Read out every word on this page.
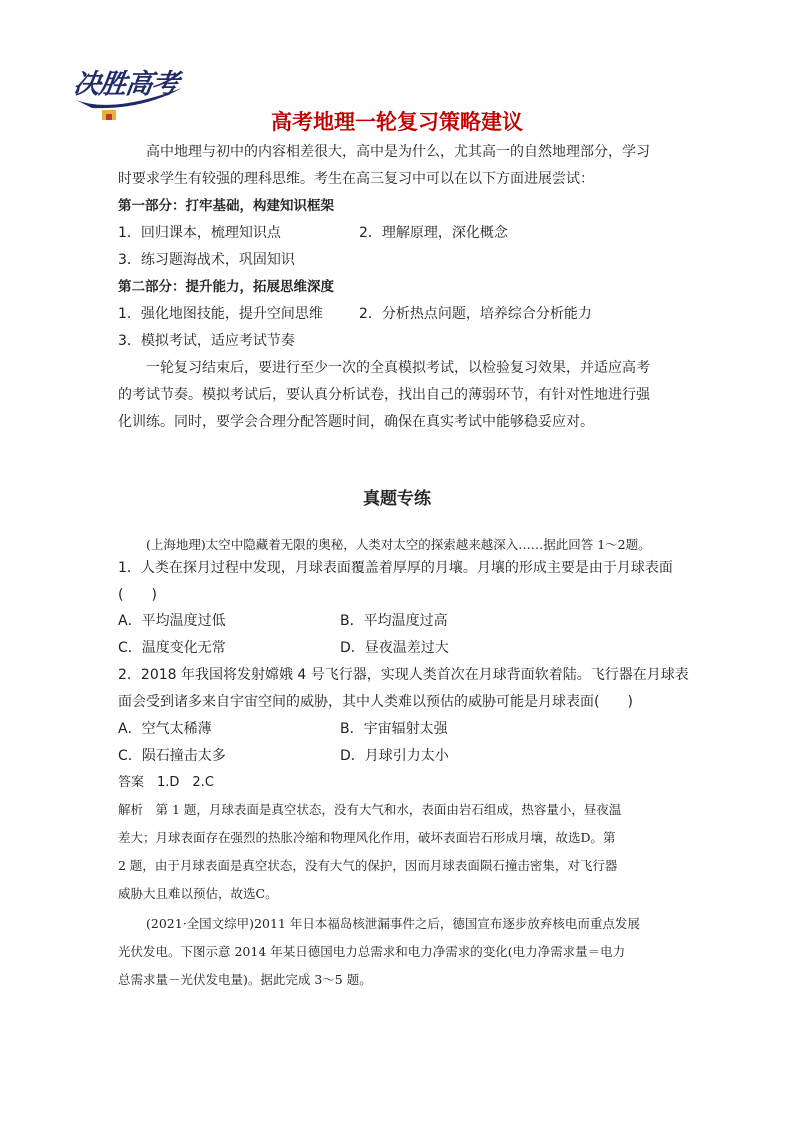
决胜高考
高考地理一轮复习策略建议
高中地理与初中的内容相差很大，高中是为什么，尤其高一的自然地理部分，学习
时要求学生有较强的理科思维。考生在高三复习中可以在以下方面进展尝试：
第一部分：打牢基础，构建知识框架
1．回归课本，梳理知识点	2．理解原理，深化概念
3．练习题海战术，巩固知识
第二部分：提升能力，拓展思维深度
1．强化地图技能，提升空间思维	2．分析热点问题，培养综合分析能力
3．模拟考试，适应考试节奏
一轮复习结束后，要进行至少一次的全真模拟考试，以检验复习效果，并适应高考
的考试节奏。模拟考试后，要认真分析试卷，找出自己的薄弱环节，有针对性地进行强
化训练。同时，要学会合理分配答题时间，确保在真实考试中能够稳妥应对。
真题专练
(上海地理)太空中隐藏着无限的奥秘，人类对太空的探索越来越深入……据此回答 1～2题。
1．人类在探月过程中发现，月球表面覆盖着厚厚的月壤。月壤的形成主要是由于月球表面
(　　)
A．平均温度过低	B．平均温度过高
C．温度变化无常	D．昼夜温差过大
2．2018 年我国将发射嫦娥 4 号飞行器，实现人类首次在月球背面软着陆。飞行器在月球表
面会受到诸多来自宇宙空间的威胁，其中人类难以预估的威胁可能是月球表面(　　)
A．空气太稀薄	B．宇宙辐射太强
C．陨石撞击太多	D．月球引力太小
答案　1.D　2.C
解析　第 1 题，月球表面是真空状态，没有大气和水，表面由岩石组成，热容量小，昼夜温
差大；月球表面存在强烈的热胀冷缩和物理风化作用，破坏表面岩石形成月壤，故选D。第
2 题，由于月球表面是真空状态，没有大气的保护，因而月球表面陨石撞击密集，对飞行器
威胁大且难以预估，故选C。
(2021·全国文综甲)2011 年日本福岛核泄漏事件之后，德国宣布逐步放弃核电而重点发展
光伏发电。下图示意 2014 年某日德国电力总需求和电力净需求的变化(电力净需求量＝电力
总需求量－光伏发电量)。据此完成 3～5 题。
